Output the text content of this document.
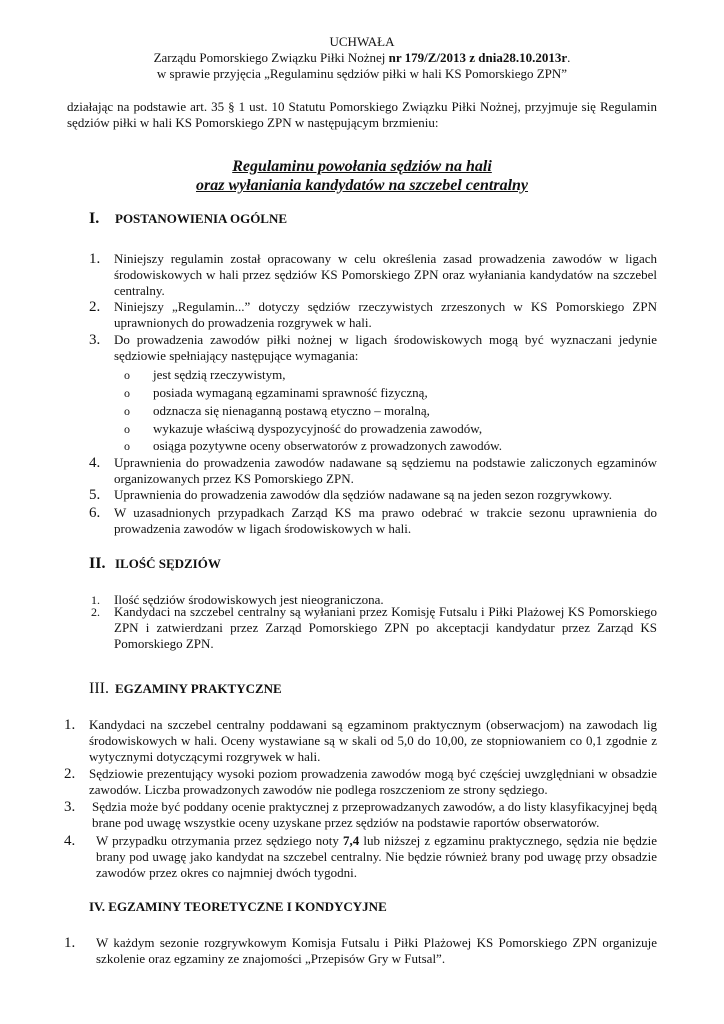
UCHWAŁA
Zarządu Pomorskiego Związku Piłki Nożnej nr 179/Z/2013 z dnia28.10.2013r.
w sprawie przyjęcia „Regulaminu sędziów piłki w hali KS Pomorskiego ZPN”
działając na podstawie art. 35 § 1 ust. 10 Statutu Pomorskiego Związku Piłki Nożnej, przyjmuje się Regulamin sędziów piłki w hali KS Pomorskiego ZPN w następującym brzmieniu:
Regulaminu powołania sędziów na hali
oraz wyłaniania kandydatów na szczebel centralny
I. POSTANOWIENIA OGÓLNE
1. Niniejszy regulamin został opracowany w celu określenia zasad prowadzenia zawodów w ligach środowiskowych w hali przez sędziów KS Pomorskiego ZPN oraz wyłaniania kandydatów na szczebel centralny.
2. Niniejszy „Regulamin...” dotyczy sędziów rzeczywistych zrzeszonych w KS Pomorskiego ZPN uprawnionych do prowadzenia rozgrywek w hali.
3. Do prowadzenia zawodów piłki nożnej w ligach środowiskowych mogą być wyznaczani jedynie sędziowie spełniający następujące wymagania:
o jest sędzią rzeczywistym,
o posiada wymaganą egzaminami sprawność fizyczną,
o odznacza się nienaganną postawą etyczno – moralną,
o wykazuje właściwą dyspozycyjność do prowadzenia zawodów,
o osiąga pozytywne oceny obserwatorów z prowadzonych zawodów.
4. Uprawnienia do prowadzenia zawodów nadawane są sędziemu na podstawie zaliczonych egzaminów organizowanych przez KS Pomorskiego ZPN.
5. Uprawnienia do prowadzenia zawodów dla sędziów nadawane są na jeden sezon rozgrywkowy.
6. W uzasadnionych przypadkach Zarząd KS ma prawo odebrać w trakcie sezonu uprawnienia do prowadzenia zawodów w ligach środowiskowych w hali.
II. ILOŚĆ SĘDZIÓW
1. Ilość sędziów środowiskowych jest nieograniczona.
2. Kandydaci na szczebel centralny są wyłaniani przez Komisję Futsalu i Piłki Plażowej KS Pomorskiego ZPN i zatwierdzani przez Zarząd Pomorskiego ZPN po akceptacji kandydatur przez Zarząd KS Pomorskiego ZPN.
III. EGZAMINY PRAKTYCZNE
1. Kandydaci na szczebel centralny poddawani są egzaminom praktycznym (obserwacjom) na zawodach lig środowiskowych w hali. Oceny wystawiane są w skali od 5,0 do 10,00, ze stopniowaniem co 0,1 zgodnie z wytycznymi dotyczącymi rozgrywek w hali.
2. Sędziowie prezentujący wysoki poziom prowadzenia zawodów mogą być częściej uwzględniani w obsadzie zawodów. Liczba prowadzonych zawodów nie podlega roszczeniom ze strony sędziego.
3. Sędzia może być poddany ocenie praktycznej z przeprowadzanych zawodów, a do listy klasyfikacyjnej będą brane pod uwagę wszystkie oceny uzyskane przez sędziów na podstawie raportów obserwatorów.
4. W przypadku otrzymania przez sędziego noty 7,4 lub niższej z egzaminu praktycznego, sędzia nie będzie brany pod uwagę jako kandydat na szczebel centralny. Nie będzie również brany pod uwagę przy obsadzie zawodów przez okres co najmniej dwóch tygodni.
IV. EGZAMINY TEORETYCZNE I KONDYCYJNE
1. W każdym sezonie rozgrywkowym Komisja Futsalu i Piłki Plażowej KS Pomorskiego ZPN organizuje szkolenie oraz egzaminy ze znajomości „Przepisów Gry w Futsal”.
